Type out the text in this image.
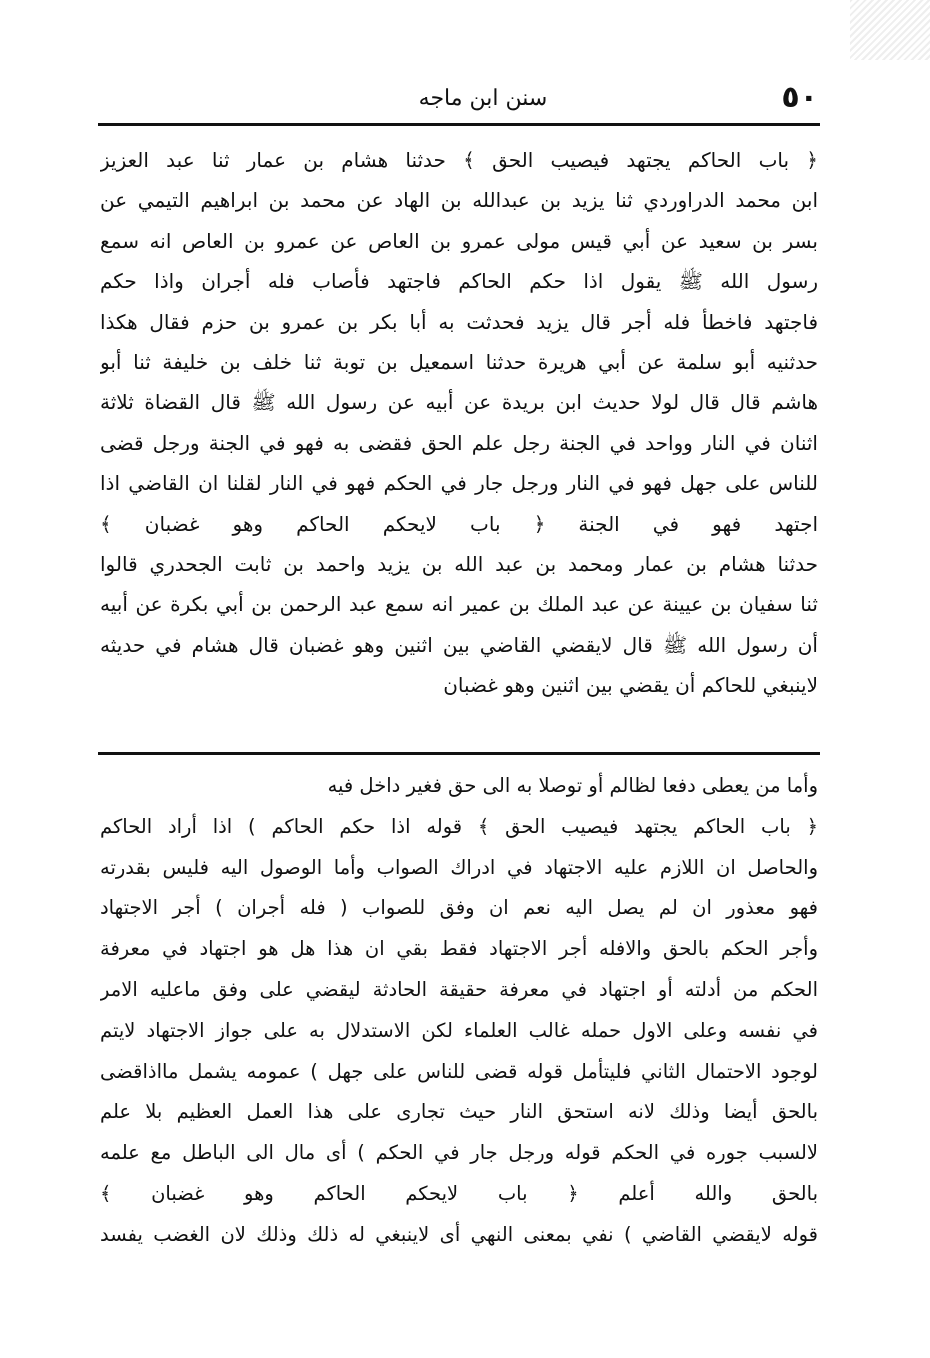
٥٠
سنن ابن ماجه
﴿ باب الحاكم يجتهد فيصيب الحق ﴾ حدثنا هشام بن عمار ثنا عبد العزيز
ابن محمد الدراوردي ثنا يزيد بن عبدالله بن الهاد عن محمد بن ابراهيم التيمي عن
بسر بن سعيد عن أبي قيس مولى عمرو بن العاص عن عمرو بن العاص انه سمع
رسول الله ﷺ يقول اذا حكم الحاكم فاجتهد فأصاب فله أجران واذا حكم
فاجتهد فاخطأ فله أجر قال يزيد فحدثت به أبا بكر بن عمرو بن حزم فقال هكذا
حدثنيه أبو سلمة عن أبي هريرة حدثنا اسمعيل بن توبة ثنا خلف بن خليفة ثنا أبو
هاشم قال قال لولا حديث ابن بريدة عن أبيه عن رسول الله ﷺ قال القضاة ثلاثة
اثنان في النار وواحد في الجنة رجل علم الحق فقضى به فهو في الجنة ورجل قضى
للناس على جهل فهو في النار ورجل جار في الحكم فهو في النار لقلنا ان القاضي اذا
اجتهد فهو في الجنة ﴿ باب لايحكم الحاكم وهو غضبان ﴾
حدثنا هشام بن عمار ومحمد بن عبد الله بن يزيد واحمد بن ثابت الجحدري قالوا
ثنا سفيان بن عيينة عن عبد الملك بن عمير انه سمع عبد الرحمن بن أبي بكرة عن أبيه
أن رسول الله ﷺ قال لايقضي القاضي بين اثنين وهو غضبان قال هشام في حديثه
لاينبغي للحاكم أن يقضي بين اثنين وهو غضبان
وأما من يعطى دفعا لظالم أو توصلا به الى حق فغير داخل فيه
﴿ باب الحاكم يجتهد فيصيب الحق ﴾ قوله اذا حكم الحاكم ) اذا أراد الحاكم
والحاصل ان اللازم عليه الاجتهاد في ادراك الصواب وأما الوصول اليه فليس بقدرته
فهو معذور ان لم يصل اليه نعم ان وفق للصواب ( فله أجران ) أجر الاجتهاد
وأجر الحكم بالحق والافله أجر الاجتهاد فقط بقي ان هذا هل هو اجتهاد في معرفة
الحكم من أدلته أو اجتهاد في معرفة حقيقة الحادثة ليقضي على وفق ماعليه الامر
في نفسه وعلى الاول حمله غالب العلماء لكن الاستدلال به على جواز الاجتهاد لايتم
لوجود الاحتمال الثاني فليتأمل قوله قضى للناس على جهل ) عمومه يشمل مااذاقضى
بالحق أيضا وذلك لانه استحق النار حيث تجارى على هذا العمل العظيم بلا علم
لالسبب جوره في الحكم قوله ورجل جار في الحكم ) أى مال الى الباطل مع علمه
بالحق والله أعلم ﴿ باب لايحكم الحاكم وهو غضبان ﴾
قوله لايقضي القاضي ) نفي بمعنى النهي أى لاينبغي له ذلك وذلك لان الغضب يفسد
